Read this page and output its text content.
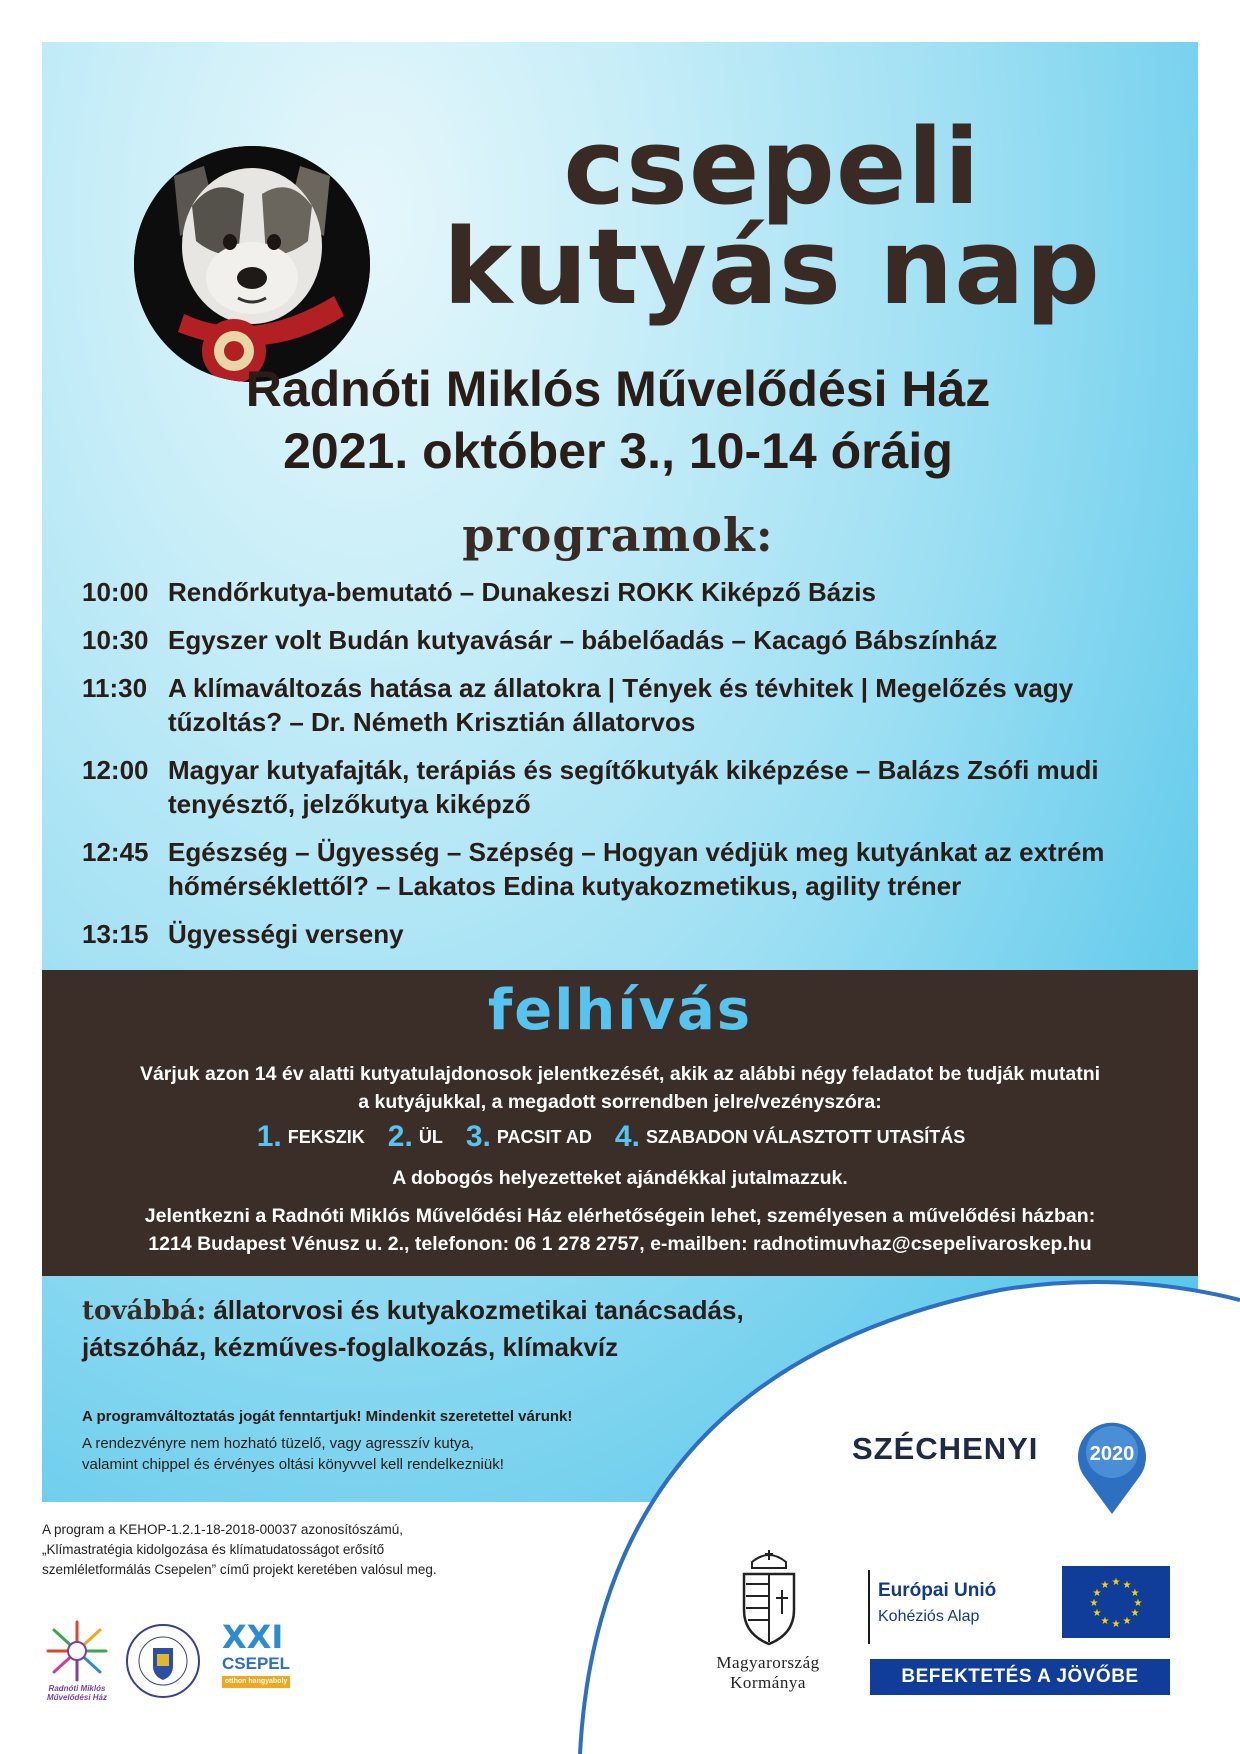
csepeli
kutyás nap
Radnóti Miklós Művelődési Ház
2021. október 3., 10-14 óráig
programok:
10:00 Rendőrkutya-bemutató – Dunakeszi ROKK Kiképző Bázis
10:30 Egyszer volt Budán kutyavásár – bábelőadás – Kacagó Bábszínház
11:30 A klímaváltozás hatása az állatokra | Tények és tévhitek | Megelőzés vagy tűzoltás? – Dr. Németh Krisztián állatorvos
12:00 Magyar kutyafajták, terápiás és segítőkutyák kiképzése – Balázs Zsófi mudi tenyésztő, jelzőkutya kiképző
12:45 Egészség – Ügyesség – Szépség – Hogyan védjük meg kutyánkat az extrém hőmérséklettől? – Lakatos Edina kutyakozmetikus, agility tréner
13:15 Ügyességi verseny
felhívás
Várjuk azon 14 év alatti kutyatulajdonosok jelentkezését, akik az alábbi négy feladatot be tudják mutatni
a kutyájukkal, a megadott sorrendben jelre/vezényszóra:
1. FEKSZIK 2. ÜL 3. PACSIT AD 4. SZABADON VÁLASZTOTT UTASÍTÁS
A dobogós helyezetteket ajándékkal jutalmazzuk.
Jelentkezni a Radnóti Miklós Művelődési Ház elérhetőségein lehet, személyesen a művelődési házban:
1214 Budapest Vénusz u. 2., telefonon: 06 1 278 2757, e-mailben: radnotimuvhaz@csepelivaroskep.hu
továbbá: állatorvosi és kutyakozmetikai tanácsadás,
játszóház, kézműves-foglalkozás, klímakvíz
A programváltoztatás jogát fenntartjuk! Mindenkit szeretettel várunk!
A rendezvényre nem hozható tüzelő, vagy agresszív kutya,
valamint chippel és érvényes oltási könyvvel kell rendelkezniük!	SZÉCHENYI	2020
A program a KEHOP-1.2.1-18-2018-00037 azonosítószámú,
„Klímastratégia kidolgozása és klímatudatosságot erősítő
szemléletformálás Csepelen” című projekt keretében valósul meg.
Radnóti Miklós Művelődési Ház
XXI
CSEPEL
otthon hangyaboly
Magyarország
Kormánya
Európai Unió
Kohéziós Alap
★ ★
★
★
★
★
★
★
★
★
★
★
BEFEKTETÉS A JÖVŐBE
